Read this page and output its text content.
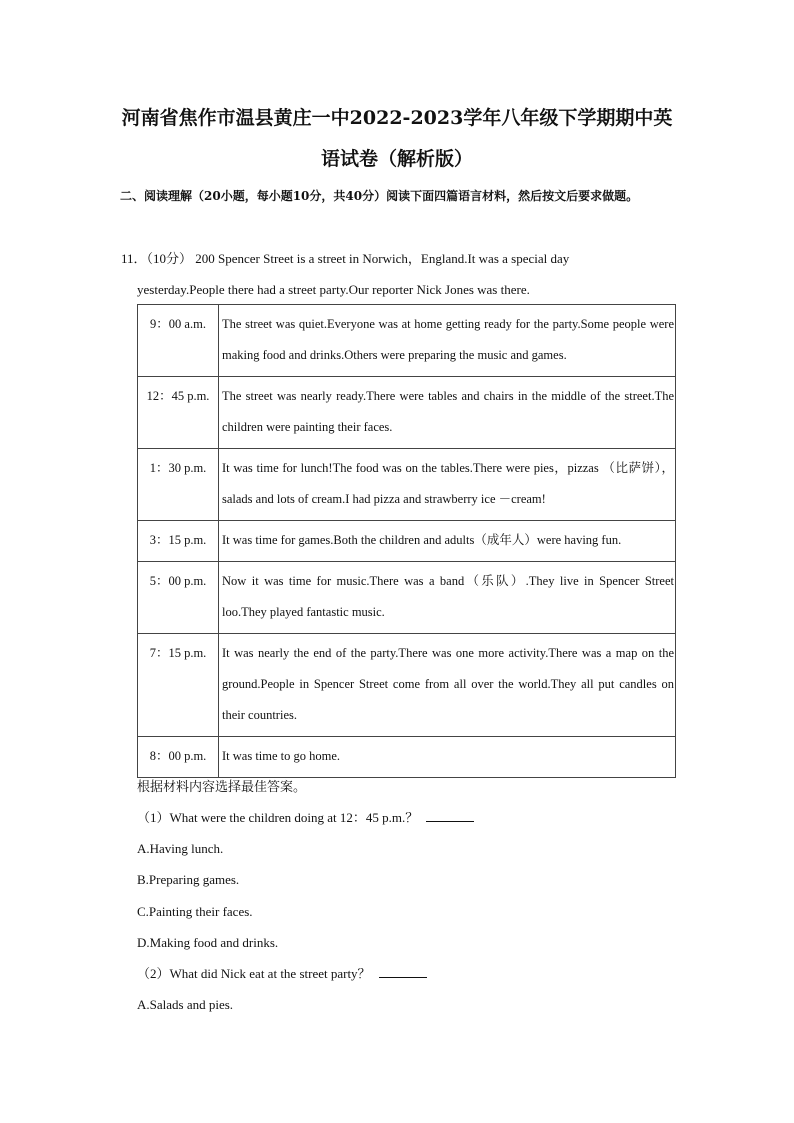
河南省焦作市温县黄庄一中2022-2023学年八年级下学期期中英
语试卷（解析版）
二、阅读理解（20小题，每小题10分，共40分）阅读下面四篇语言材料，然后按文后要求做题。
11．（10分） 200 Spencer Street is a street in Norwich，England.It was a special day
yesterday.People there had a street party.Our reporter Nick Jones was there.
9：00 a.m.	The street was quiet.Everyone was at home getting ready for the party.Some people were making food and drinks.Others were preparing the music and games.
12：45 p.m.	The street was nearly ready.There were tables and chairs in the middle of the street.The children were painting their faces.
1：30 p.m.	It was time for lunch!The food was on the tables.There were pies，pizzas （比萨饼），salads and lots of cream.I had pizza and strawberry ice －cream!
3：15 p.m.	It was time for games.Both the children and adults（成年人）were having fun.
5：00 p.m.	Now it was time for music.There was a band（乐队）.They live in Spencer Street loo.They played fantastic music.
7：15 p.m.	It was nearly the end of the party.There was one more activity.There was a map on the ground.People in Spencer Street come from all over the world.They all put candles on their countries.
8：00 p.m.	It was time to go home.
根据材料内容选择最佳答案。
（1）What were the children doing at 12：45 p.m.？
A.Having lunch.
B.Preparing games.
C.Painting their faces.
D.Making food and drinks.
（2）What did Nick eat at the street party？
A.Salads and pies.
